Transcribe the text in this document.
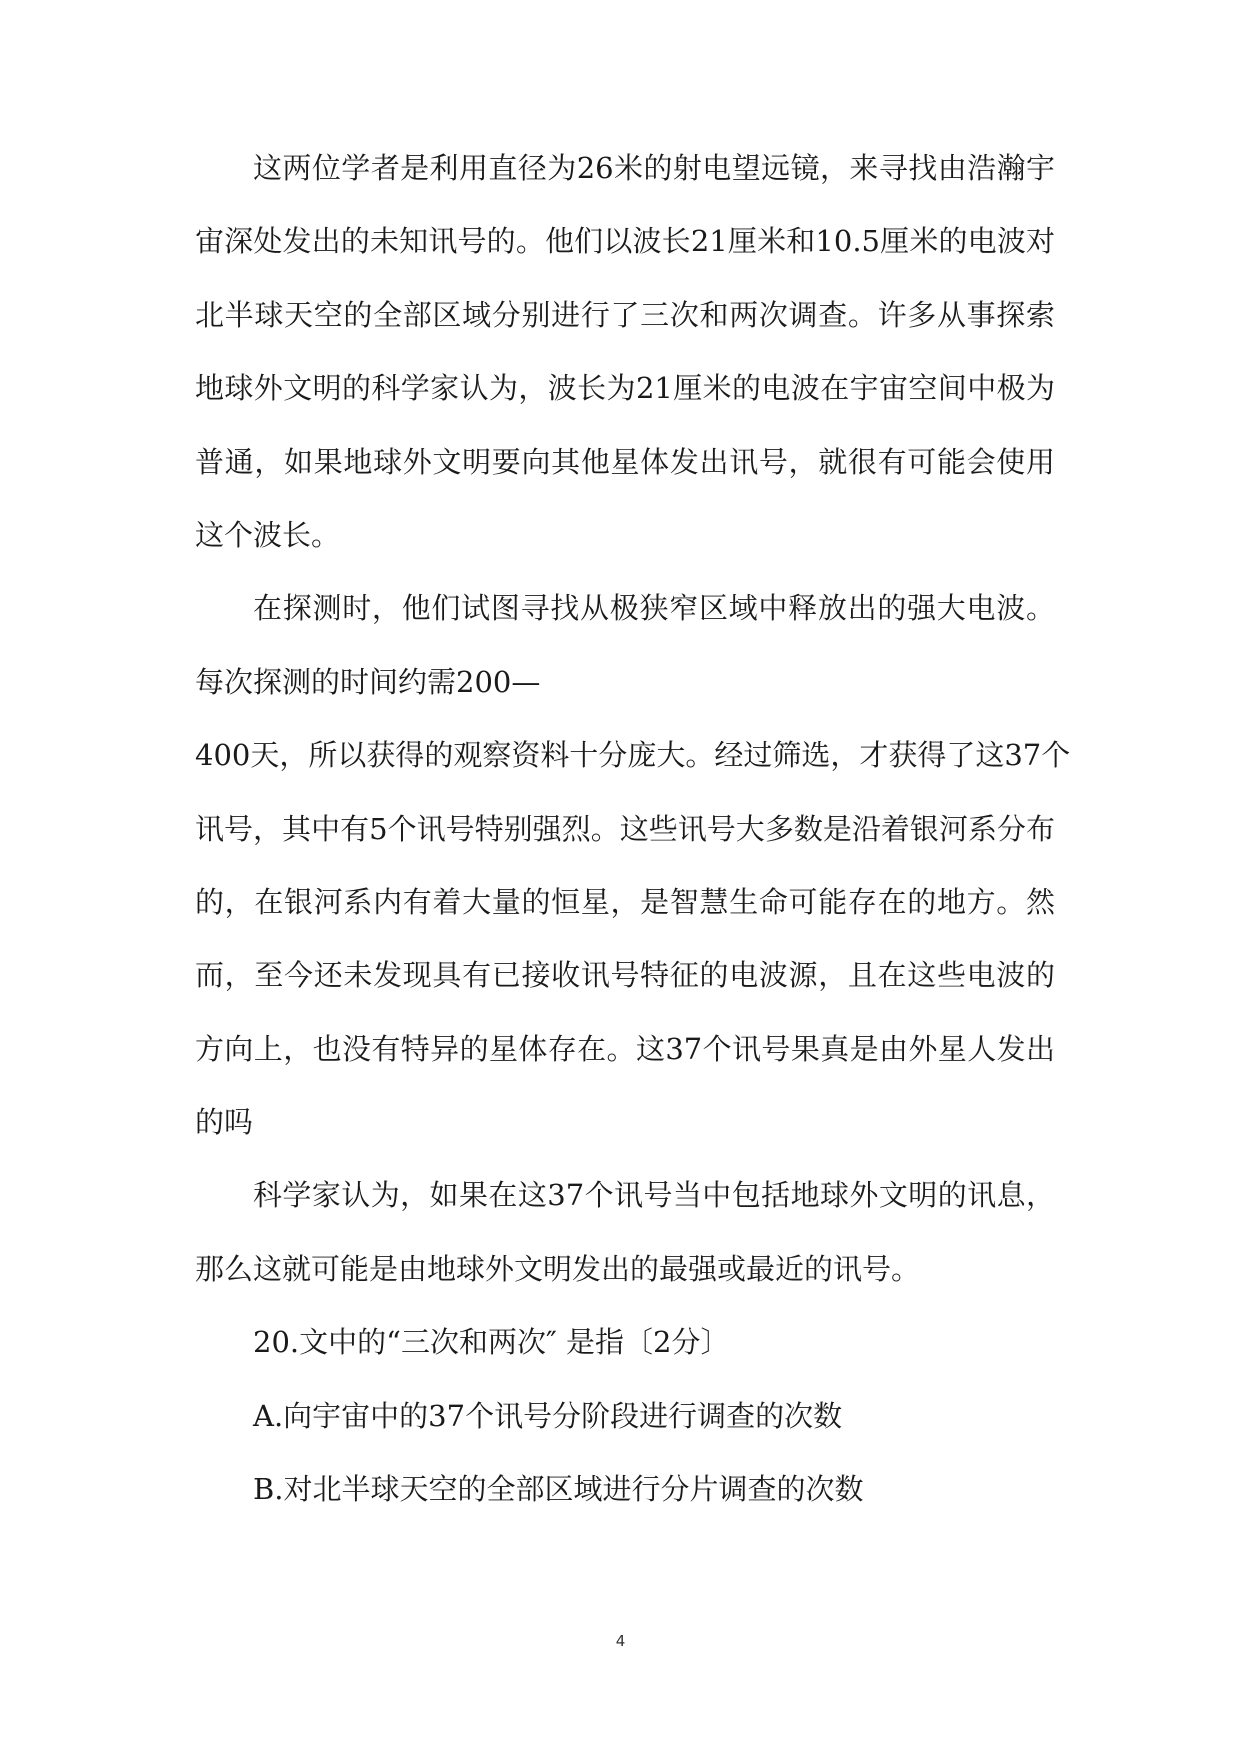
这两位学者是利用直径为26米的射电望远镜，来寻找由浩瀚宇
宙深处发出的未知讯号的。他们以波长21厘米和10.5厘米的电波对
北半球天空的全部区域分别进行了三次和两次调查。许多从事探索
地球外文明的科学家认为，波长为21厘米的电波在宇宙空间中极为
普通，如果地球外文明要向其他星体发出讯号，就很有可能会使用
这个波长。
在探测时，他们试图寻找从极狭窄区域中释放出的强大电波。
每次探测的时间约需200—
400天，所以获得的观察资料十分庞大。经过筛选，才获得了这37个
讯号，其中有5个讯号特别强烈。这些讯号大多数是沿着银河系分布
的，在银河系内有着大量的恒星，是智慧生命可能存在的地方。然
而，至今还未发现具有已接收讯号特征的电波源，且在这些电波的
方向上，也没有特异的星体存在。这37个讯号果真是由外星人发出
的吗
科学家认为，如果在这37个讯号当中包括地球外文明的讯息，
那么这就可能是由地球外文明发出的最强或最近的讯号。
20.文中的“三次和两次″ 是指〔2分〕
A.向宇宙中的37个讯号分阶段进行调查的次数
B.对北半球天空的全部区域进行分片调查的次数
4
